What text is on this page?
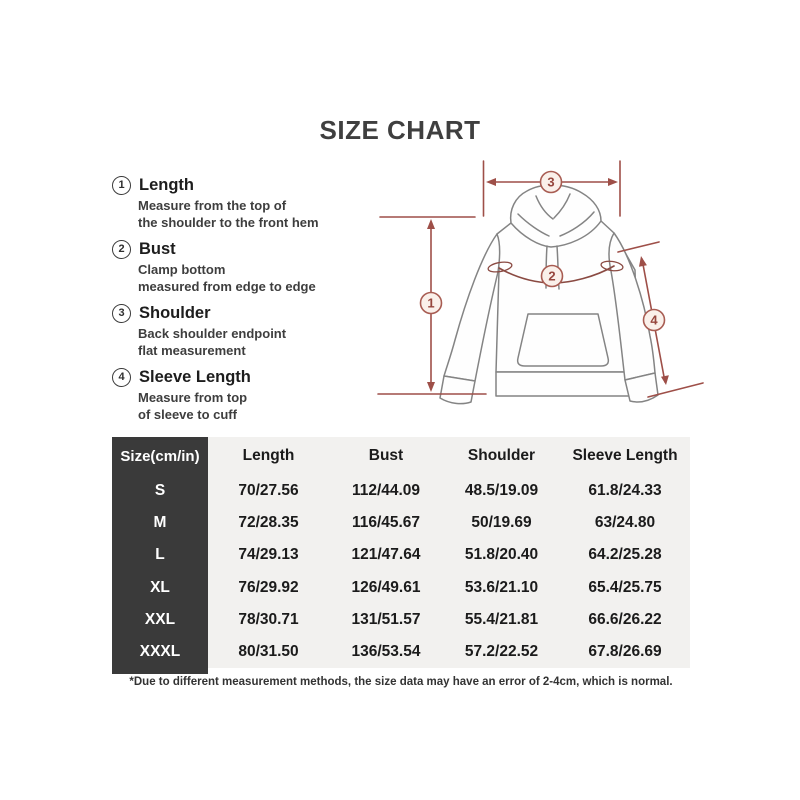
SIZE CHART
1 Length
Measure from the top of
the shoulder to the front hem
2 Bust
Clamp bottom
measured from edge to edge
3 Shoulder
Back shoulder endpoint
flat measurement
4 Sleeve Length
Measure from top
of sleeve to cuff
3
1
2
4
Size(cm/in)	Length	Bust	Shoulder	Sleeve Length
S	70/27.56	112/44.09	48.5/19.09	61.8/24.33
M	72/28.35	116/45.67	50/19.69	63/24.80
L	74/29.13	121/47.64	51.8/20.40	64.2/25.28
XL	76/29.92	126/49.61	53.6/21.10	65.4/25.75
XXL	78/30.71	131/51.57	55.4/21.81	66.6/26.22
XXXL	80/31.50	136/53.54	57.2/22.52	67.8/26.69
*Due to different measurement methods, the size data may have an error of 2-4cm, which is normal.
